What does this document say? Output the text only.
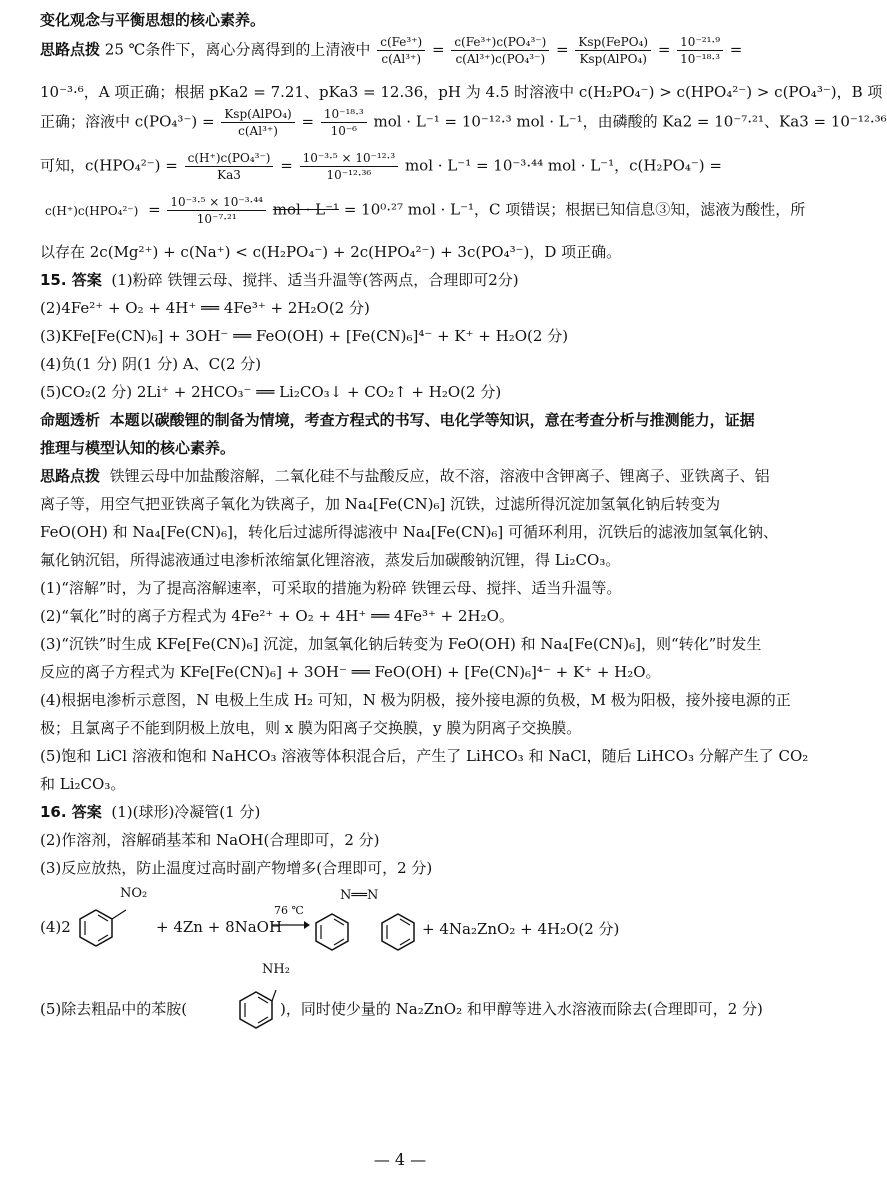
变化观念与平衡思想的核心素养。
思路点拨 25 ℃条件下，离心分离得到的上清液中 $\frac{\text{c(Fe³⁺)}}{\text{c(Al³⁺)}} = \frac{\text{c(Fe³⁺)c(PO₄³⁻)}}{\text{c(Al³⁺)c(PO₄³⁻)}} = \frac{\text{Ksp(FePO₄)}}{\text{Ksp(AlPO₄)}} = \frac{\text{10⁻²¹·⁹}}{\text{10⁻¹⁸·³}}$ =
10⁻³·⁶，A 项正确；根据 pKa2 = 7.21、pKa3 = 12.36，pH 为 4.5 时溶液中 c(H₂PO₄⁻) > c(HPO₄²⁻) > c(PO₄³⁻)，B 项
正确；溶液中 $c(PO_4^{3-}) = \frac{\text{Ksp(AlPO₄)}}{\text{c(Al³⁺)}} = \frac{\text{10⁻¹⁸·³}}{\text{10⁻⁶}}$ mol · L⁻¹ = 10⁻¹²·³ mol · L⁻¹，由磷酸的 Ka2 = 10⁻⁷·²¹、Ka3 = 10⁻¹²·³⁶
可知，$c(HPO_4^{2-}) = \frac{\text{c(H⁺)c(PO₄³⁻)}}{Ka3} = \frac{\text{10⁻³·⁵ × 10⁻¹²·³}}{\text{10⁻¹²·³⁶}}$ mol · L⁻¹ = 10⁻³·⁴⁴ mol · L⁻¹，c(H₂PO₄⁻) =
$c(H^+)c(HPO_4^{2-}) = \frac{\text{10⁻³·⁵ × 10⁻³·⁴⁴}}{\text{10⁻⁷·²¹}}$ mol · L⁻¹ = 10⁰·²⁷ mol · L⁻¹，C 项错误；根据已知信息③知，滤液为酸性，所
以存在 2c(Mg²⁺) + c(Na⁺) < c(H₂PO₄⁻) + 2c(HPO₄²⁻) + 3c(PO₄³⁻)，D 项正确。
15. 答案 (1)粉碎 铁锂云母、搅拌、适当升温等(答两点，合理即可2分)
(2)4Fe²⁺ + O₂ + 4H⁺ ══ 4Fe³⁺ + 2H₂O(2 分)
(3)KFe[Fe(CN)₆] + 3OH⁻ ══ FeO(OH) + [Fe(CN)₆]⁴⁻ + K⁺ + H₂O(2 分)
(4)负(1 分) 阴(1 分) A、C(2 分)
(5)CO₂(2 分) 2Li⁺ + 2HCO₃⁻ ══ Li₂CO₃↓ + CO₂↑ + H₂O(2 分)
命题透析 本题以碳酸锂的制备为情境，考查方程式的书写、电化学等知识，意在考查分析与推测能力，证据
推理与模型认知的核心素养。
思路点拨 铁锂云母中加盐酸溶解，二氧化硅不与盐酸反应，故不溶，溶液中含钾离子、锂离子、亚铁离子、铝
离子等，用空气把亚铁离子氧化为铁离子，加 Na₄[Fe(CN)₆] 沉铁，过滤所得沉淀加氢氧化钠后转变为
FeO(OH) 和 Na₄[Fe(CN)₆]，转化后过滤所得滤液中 Na₄[Fe(CN)₆] 可循环利用，沉铁后的滤液加氢氧化钠、
氟化钠沉铝，所得滤液通过电渗析浓缩氯化锂溶液，蒸发后加碳酸钠沉锂，得 Li₂CO₃。
(1)“溶解”时，为了提高溶解速率，可采取的措施为粉碎 铁锂云母、搅拌、适当升温等。
(2)“氧化”时的离子方程式为 4Fe²⁺ + O₂ + 4H⁺ ══ 4Fe³⁺ + 2H₂O。
(3)“沉铁”时生成 KFe[Fe(CN)₆] 沉淀，加氢氧化钠后转变为 FeO(OH) 和 Na₄[Fe(CN)₆]，则“转化”时发生
反应的离子方程式为 KFe[Fe(CN)₆] + 3OH⁻ ══ FeO(OH) + [Fe(CN)₆]⁴⁻ + K⁺ + H₂O。
(4)根据电渗析示意图，N 电极上生成 H₂ 可知，N 极为阴极，接外接电源的负极，M 极为阳极，接外接电源的正
极；且氯离子不能到阴极上放电，则 x 膜为阳离子交换膜，y 膜为阴离子交换膜。
(5)饱和 LiCl 溶液和饱和 NaHCO₃ 溶液等体积混合后，产生了 LiHCO₃ 和 NaCl，随后 LiHCO₃ 分解产生了 CO₂
和 Li₂CO₃。
16. 答案 (1)(球形)冷凝管(1 分)
(2)作溶剂，溶解硝基苯和 NaOH(合理即可，2 分)
(3)反应放热，防止温度过高时副产物增多(合理即可，2 分)
(4)2
NO₂
+ 4Zn + 8NaOH
76 ℃
N══N
+ 4Na₂ZnO₂ + 4H₂O(2 分)
NH₂
(5)除去粗品中的苯胺(	)，同时使少量的 Na₂ZnO₂ 和甲醇等进入水溶液而除去(合理即可，2 分)
— 4 —
